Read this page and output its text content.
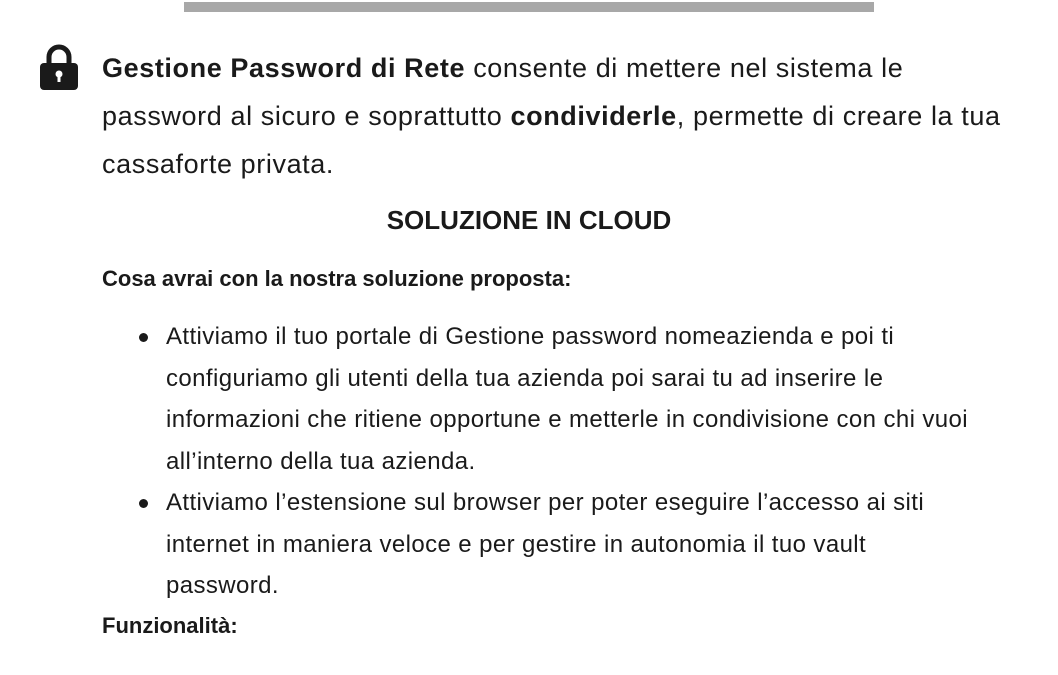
Gestione Password di Rete consente di mettere nel sistema le password al sicuro e soprattutto condividerle, permette di creare la tua cassaforte privata.

SOLUZIONE IN CLOUD

Cosa avrai con la nostra soluzione proposta:

Attiviamo il tuo portale di Gestione password nomeazienda e poi ti configuriamo gli utenti della tua azienda poi sarai tu ad inserire le informazioni che ritiene opportune e metterle in condivisione con chi vuoi all’interno della tua azienda.
Attiviamo l’estensione sul browser per poter eseguire l’accesso ai siti internet in maniera veloce e per gestire in autonomia il tuo vault password.

Funzionalità:
